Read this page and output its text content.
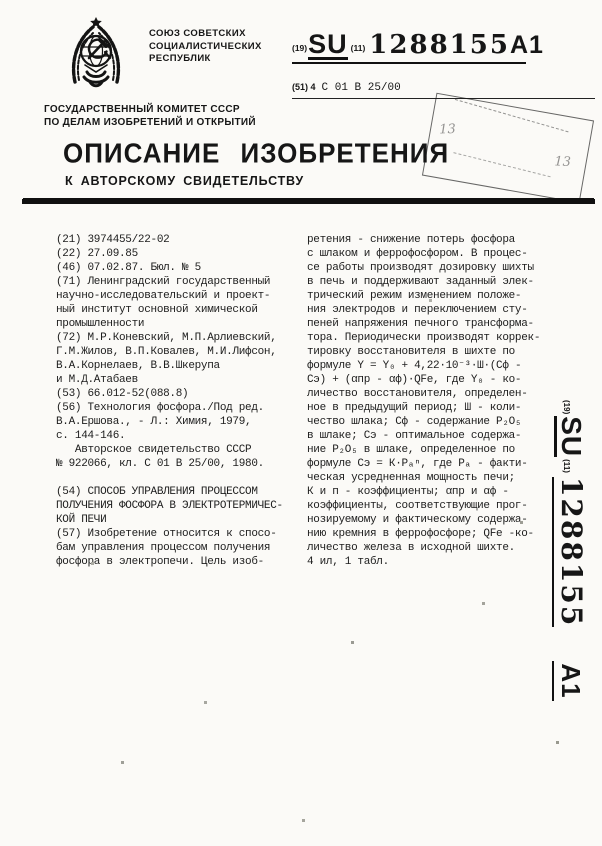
СОЮЗ СОВЕТСКИХ
СОЦИАЛИСТИЧЕСКИХ
РЕСПУБЛИК
(19) SU (11) 1288155 A1
(51) 4 C 01 B 25/00
ГОСУДАРСТВЕННЫЙ КОМИТЕТ СССР
ПО ДЕЛАМ ИЗОБРЕТЕНИЙ И ОТКРЫТИЙ	13
13
ОПИСАНИЕ ИЗОБРЕТЕНИЯ
К АВТОРСКОМУ СВИДЕТЕЛЬСТВУ
(21) 3974455/22-02
(22) 27.09.85
(46) 07.02.87. Бюл. № 5
(71) Ленинградский государственный
научно-исследовательский и проект-
ный институт основной химической
промышленности
(72) М.Р.Коневский, М.П.Арлиевский,
Г.М.Жилов, В.П.Ковалев, М.И.Лифсон,
В.А.Корнелаев, В.В.Шкерупа
и М.Д.Атабаев
(53) 66.012-52(088.8)
(56) Технология фосфора./Под ред.
В.А.Ершова., - Л.: Химия, 1979,
с. 144-146.
Авторское свидетельство СССР
№ 922066, кл. C 01 B 25/00, 1980.

(54) СПОСОБ УПРАВЛЕНИЯ ПРОЦЕССОМ
ПОЛУЧЕНИЯ ФОСФОРА В ЭЛЕКТРОТЕРМИЧЕС-
КОЙ ПЕЧИ
(57) Изобретение относится к спосо-
бам управления процессом получения
фосфора в электропечи. Цель изоб-
ретения - снижение потерь фосфора
с шлаком и феррофосфором. В процес-
се работы производят дозировку шихты
в печь и поддерживают заданный элек-
трический режим изменением положе-
ния электродов и переключением сту-
пеней напряжения печного трансформа-
тора. Периодически производят коррек-
тировку восстановителя в шихте по
формуле Y = Y₀ + 4,22·10⁻³·Ш·(Сф -
Сэ) + (αпр - αф)·QFe, где Y₀ - ко-
личество восстановителя, определен-
ное в предыдущий период; Ш - коли-
чество шлака; Сф - содержание P₂O₅
в шлаке; Сэ - оптимальное содержа-
ние P₂O₅ в шлаке, определенное по
формуле Сэ = К·Рₐⁿ, где Рₐ - факти-
ческая усредненная мощность печи;
К и п - коэффициенты; αпр и αф -
коэффициенты, соответствующие прог-
нозируемому и фактическому содержа-
нию кремния в феррофосфоре; QFe -ко-
личество железа в исходной шихте.
4 ил, 1 табл.
(19)
SU
(11)
1288155
A1
